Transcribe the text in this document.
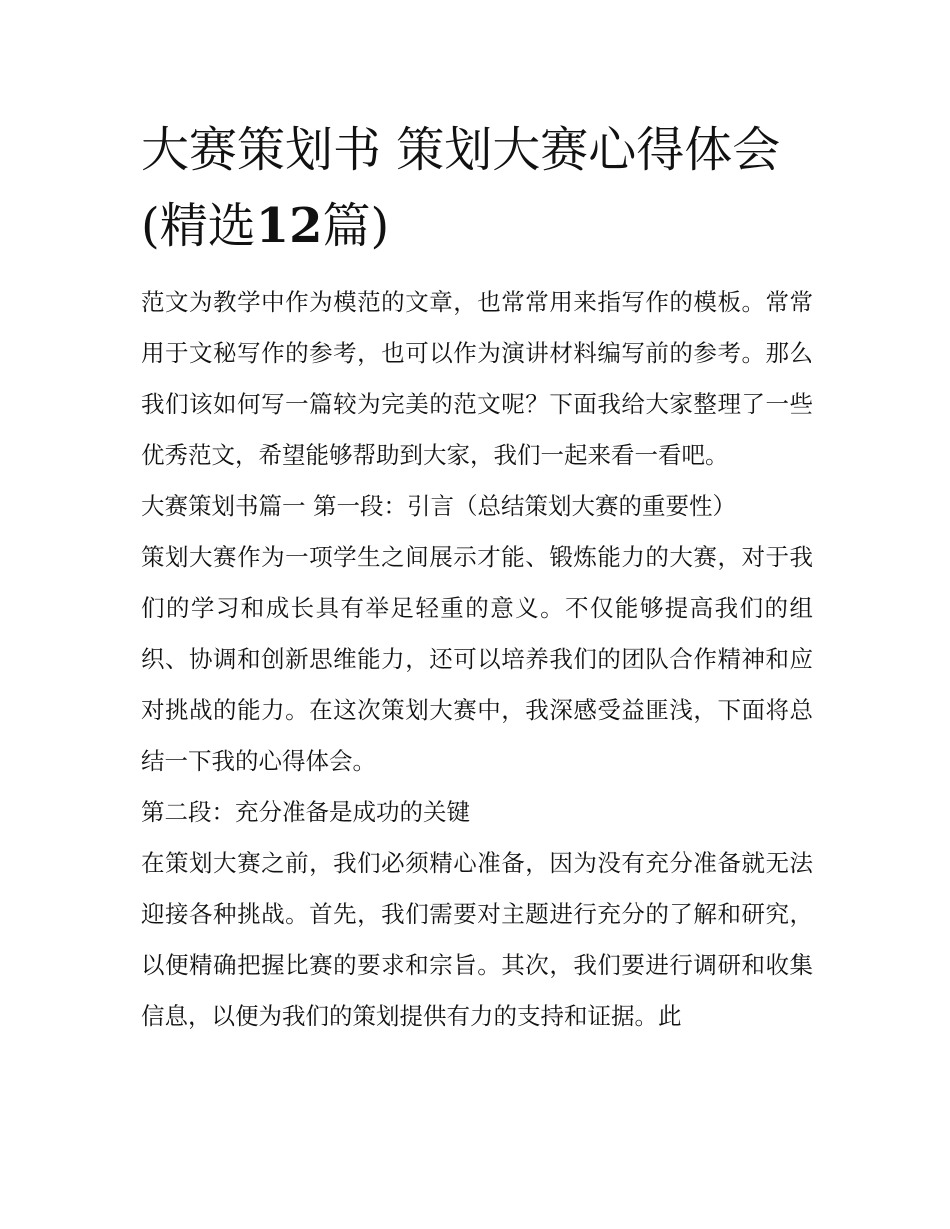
大赛策划书 策划大赛心得体会(精选12篇)

范文为教学中作为模范的文章，也常常用来指写作的模板。常常用于文秘写作的参考，也可以作为演讲材料编写前的参考。那么我们该如何写一篇较为完美的范文呢？下面我给大家整理了一些优秀范文，希望能够帮助到大家，我们一起来看一看吧。

大赛策划书篇一 第一段：引言（总结策划大赛的重要性）

策划大赛作为一项学生之间展示才能、锻炼能力的大赛，对于我们的学习和成长具有举足轻重的意义。不仅能够提高我们的组织、协调和创新思维能力，还可以培养我们的团队合作精神和应对挑战的能力。在这次策划大赛中，我深感受益匪浅，下面将总结一下我的心得体会。

第二段：充分准备是成功的关键

在策划大赛之前，我们必须精心准备，因为没有充分准备就无法迎接各种挑战。首先，我们需要对主题进行充分的了解和研究，以便精确把握比赛的要求和宗旨。其次，我们要进行调研和收集信息，以便为我们的策划提供有力的支持和证据。此
